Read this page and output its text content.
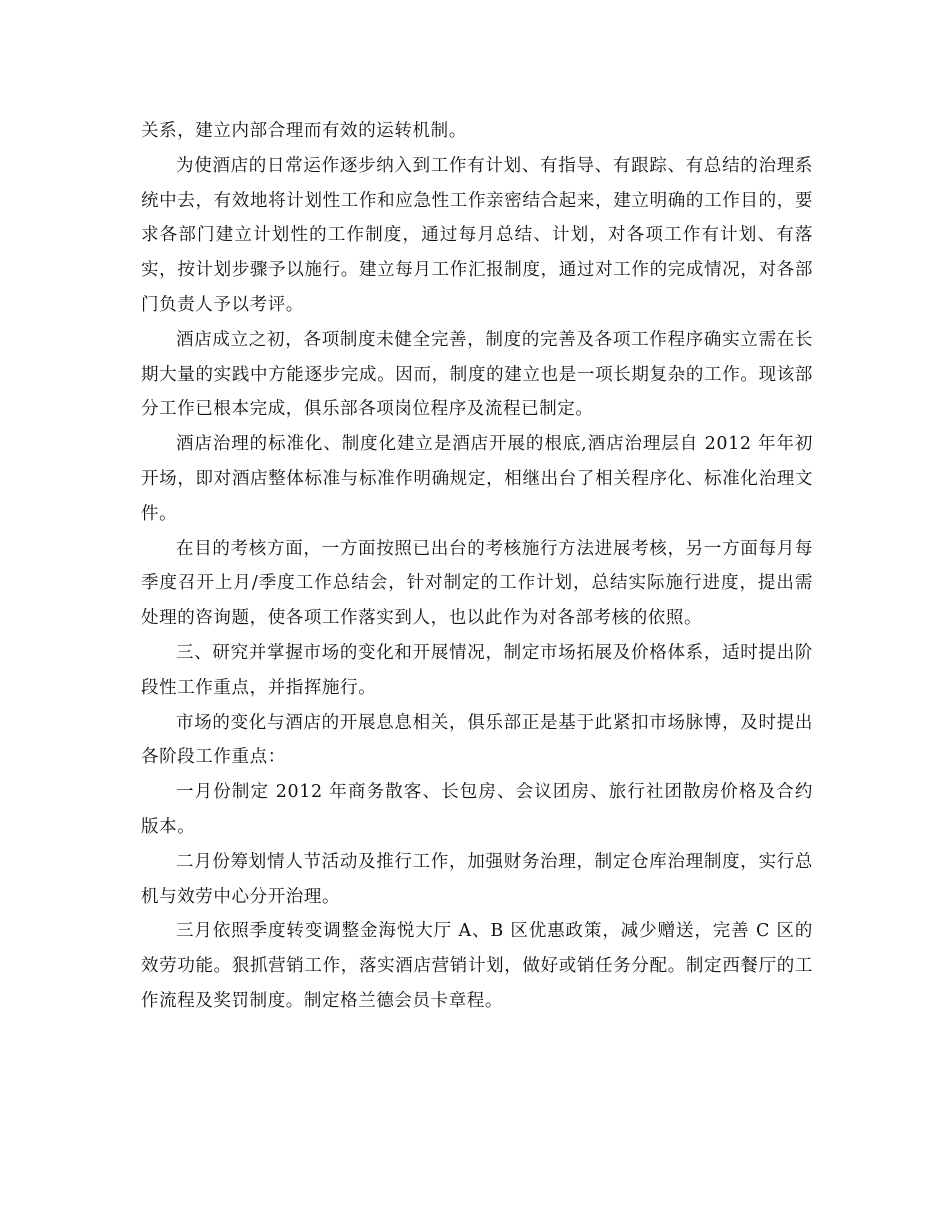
关系，建立内部合理而有效的运转机制。

为使酒店的日常运作逐步纳入到工作有计划、有指导、有跟踪、有总结的治理系统中去，有效地将计划性工作和应急性工作亲密结合起来，建立明确的工作目的，要求各部门建立计划性的工作制度，通过每月总结、计划，对各项工作有计划、有落实，按计划步骤予以施行。建立每月工作汇报制度，通过对工作的完成情况，对各部门负责人予以考评。

酒店成立之初，各项制度未健全完善，制度的完善及各项工作程序确实立需在长期大量的实践中方能逐步完成。因而，制度的建立也是一项长期复杂的工作。现该部分工作已根本完成，俱乐部各项岗位程序及流程已制定。

酒店治理的标准化、制度化建立是酒店开展的根底,酒店治理层自 2012 年年初开场，即对酒店整体标准与标准作明确规定，相继出台了相关程序化、标准化治理文件。

在目的考核方面，一方面按照已出台的考核施行方法进展考核，另一方面每月每季度召开上月/季度工作总结会，针对制定的工作计划，总结实际施行进度，提出需处理的咨询题，使各项工作落实到人，也以此作为对各部考核的依照。

三、研究并掌握市场的变化和开展情况，制定市场拓展及价格体系，适时提出阶段性工作重点，并指挥施行。

市场的变化与酒店的开展息息相关，俱乐部正是基于此紧扣市场脉博，及时提出各阶段工作重点：

一月份制定 2012 年商务散客、长包房、会议团房、旅行社团散房价格及合约版本。

二月份筹划情人节活动及推行工作，加强财务治理，制定仓库治理制度，实行总机与效劳中心分开治理。

三月依照季度转变调整金海悦大厅 A、B 区优惠政策，减少赠送，完善 C 区的效劳功能。狠抓营销工作，落实酒店营销计划，做好或销任务分配。制定西餐厅的工作流程及奖罚制度。制定格兰德会员卡章程。
